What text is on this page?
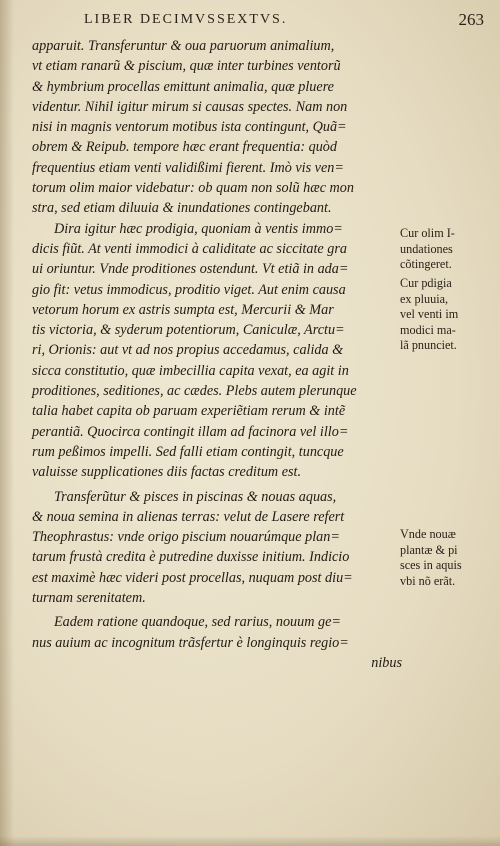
LIBER DECIMVSSEXTVS.	263
apparuit. Transferuntur & oua paruorum animalium,
vt etiam ranarũ & piscium, quæ inter turbines ventorũ
& hymbrium procellas emittunt animalia, quæ pluere
videntur. Nihil igitur mirum si causas spectes. Nam non
nisi in magnis ventorum motibus ista contingunt, Quã=
obrem & Reipub. tempore hæc erant frequentia: quòd
frequentius etiam venti validißimi fierent. Imò vis ven=
torum olim maior videbatur: ob quam non solũ hæc mon
stra, sed etiam diluuia & inundationes contingebant.
Dira igitur hæc prodigia, quoniam à ventis immo=
dicis fiũt. At venti immodici à caliditate ac siccitate gra
ui oriuntur. Vnde proditiones ostendunt. Vt etiã in ada=
gio fit: vetus immodicus, proditio viget. Aut enim causa
vetorum horum ex astris sumpta est, Mercurii & Mar
tis victoria, & syderum potentiorum, Caniculæ, Arctu=
ri, Orionis: aut vt ad nos propius accedamus, calida &
sicca constitutio, quæ imbecillia capita vexat, ea agit in
proditiones, seditiones, ac cædes. Plebs autem plerunque
talia habet capita ob paruam experiẽtiam rerum & intẽ
perantiã. Quocirca contingit illam ad facinora vel illo=
rum peßimos impelli. Sed falli etiam contingit, tuncque
valuisse supplicationes diis factas creditum est.
Transferũtur & pisces in piscinas & nouas aquas,
& noua semina in alienas terras: velut de Lasere refert
Theophrastus: vnde origo piscium nouarúmque plan=
tarum frustà credita è putredine duxisse initium. Indicio
est maximè hæc videri post procellas, nuquam post diu=
turnam serenitatem.
Eadem ratione quandoque, sed rarius, nouum ge=
nus auium ac incognitum trãsfertur è longinquis regio=
nibus
Cur olim I-
undationes
cõtingeret.
Cur pdigia
ex pluuia,
vel venti im
modici ma-
lã pnunciet.
Vnde nouæ
plantæ & pi
sces in aquis
vbi nõ erãt.
